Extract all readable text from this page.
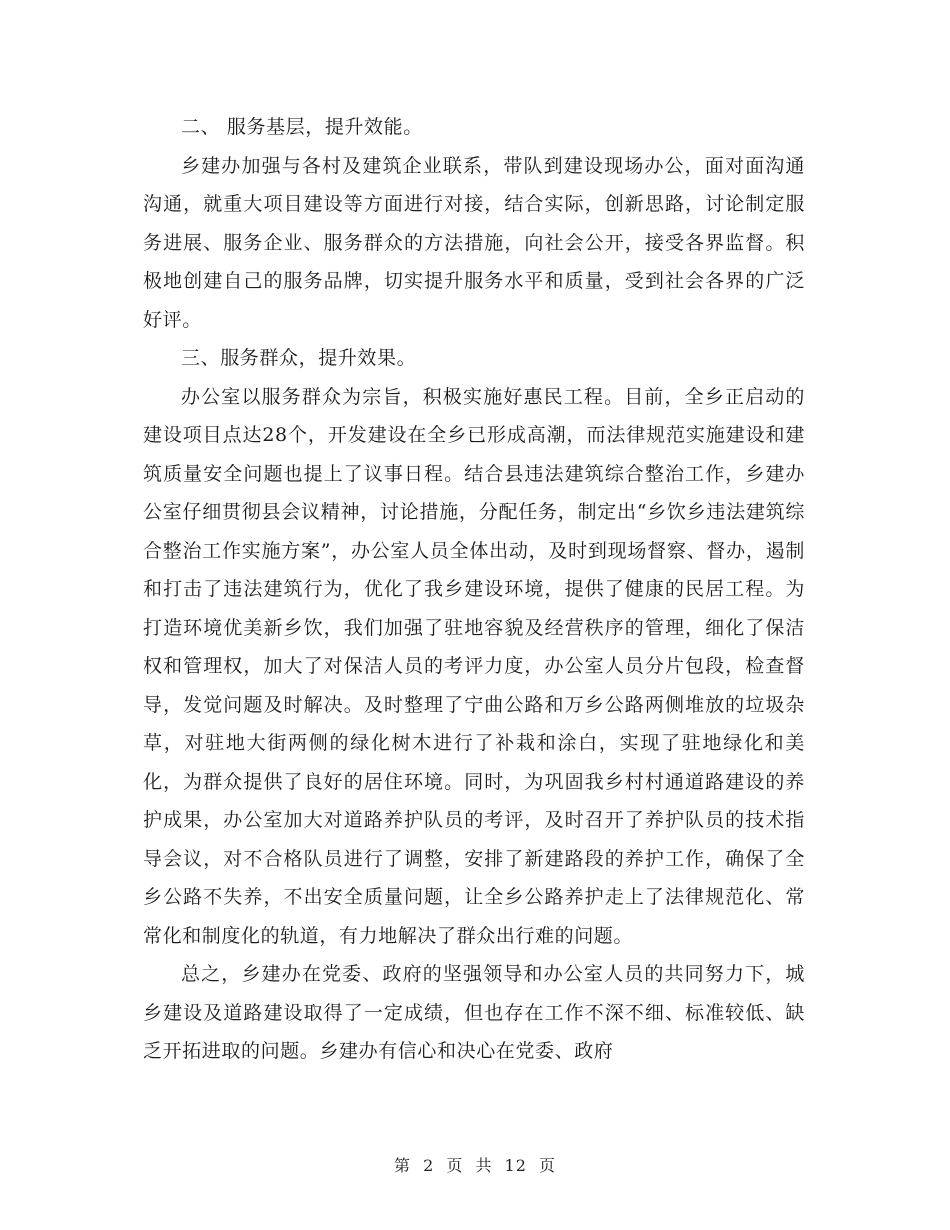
二、 服务基层，提升效能。

乡建办加强与各村及建筑企业联系，带队到建设现场办公，面对面沟通沟通，就重大项目建设等方面进行对接，结合实际，创新思路，讨论制定服务进展、服务企业、服务群众的方法措施，向社会公开，接受各界监督。积极地创建自己的服务品牌，切实提升服务水平和质量，受到社会各界的广泛好评。

三、服务群众，提升效果。

办公室以服务群众为宗旨，积极实施好惠民工程。目前，全乡正启动的建设项目点达28个，开发建设在全乡已形成高潮，而法律规范实施建设和建筑质量安全问题也提上了议事日程。结合县违法建筑综合整治工作，乡建办公室仔细贯彻县会议精神，讨论措施，分配任务，制定出“乡饮乡违法建筑综合整治工作实施方案”，办公室人员全体出动，及时到现场督察、督办，遏制和打击了违法建筑行为，优化了我乡建设环境，提供了健康的民居工程。为打造环境优美新乡饮，我们加强了驻地容貌及经营秩序的管理，细化了保洁权和管理权，加大了对保洁人员的考评力度，办公室人员分片包段，检查督导，发觉问题及时解决。及时整理了宁曲公路和万乡公路两侧堆放的垃圾杂草，对驻地大街两侧的绿化树木进行了补栽和涂白，实现了驻地绿化和美化，为群众提供了良好的居住环境。同时，为巩固我乡村村通道路建设的养护成果，办公室加大对道路养护队员的考评，及时召开了养护队员的技术指导会议，对不合格队员进行了调整，安排了新建路段的养护工作，确保了全乡公路不失养，不出安全质量问题，让全乡公路养护走上了法律规范化、常常化和制度化的轨道，有力地解决了群众出行难的问题。

总之，乡建办在党委、政府的坚强领导和办公室人员的共同努力下，城乡建设及道路建设取得了一定成绩，但也存在工作不深不细、标准较低、缺乏开拓进取的问题。乡建办有信心和决心在党委、政府

第 2 页 共 12 页
